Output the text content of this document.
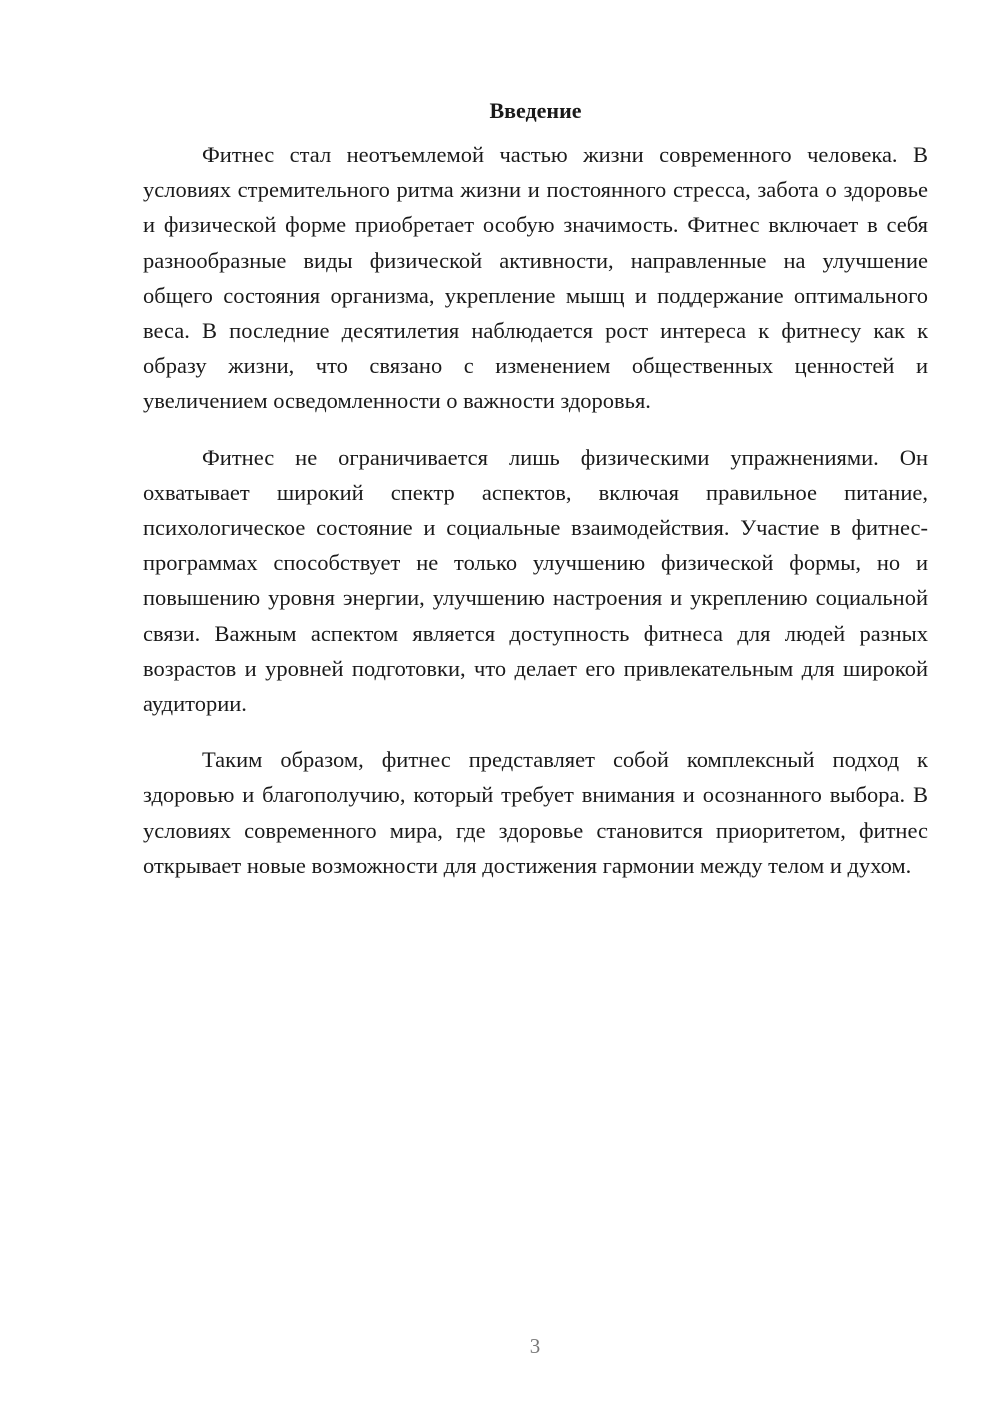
Введение

Фитнес стал неотъемлемой частью жизни современного человека. В условиях стремительного ритма жизни и постоянного стресса, забота о здоровье и физической форме приобретает особую значимость. Фитнес включает в себя разнообразные виды физической активности, направленные на улучшение общего состояния организма, укрепление мышц и поддержание оптимального веса. В последние десятилетия наблюдается рост интереса к фитнесу как к образу жизни, что связано с изменением общественных ценностей и увеличением осведомленности о важности здоровья.

Фитнес не ограничивается лишь физическими упражнениями. Он охватывает широкий спектр аспектов, включая правильное питание, психологическое состояние и социальные взаимодействия. Участие в фитнес-программах способствует не только улучшению физической формы, но и повышению уровня энергии, улучшению настроения и укреплению социальной связи. Важным аспектом является доступность фитнеса для людей разных возрастов и уровней подготовки, что делает его привлекательным для широкой аудитории.

Таким образом, фитнес представляет собой комплексный подход к здоровью и благополучию, который требует внимания и осознанного выбора. В условиях современного мира, где здоровье становится приоритетом, фитнес открывает новые возможности для достижения гармонии между телом и духом.

3
